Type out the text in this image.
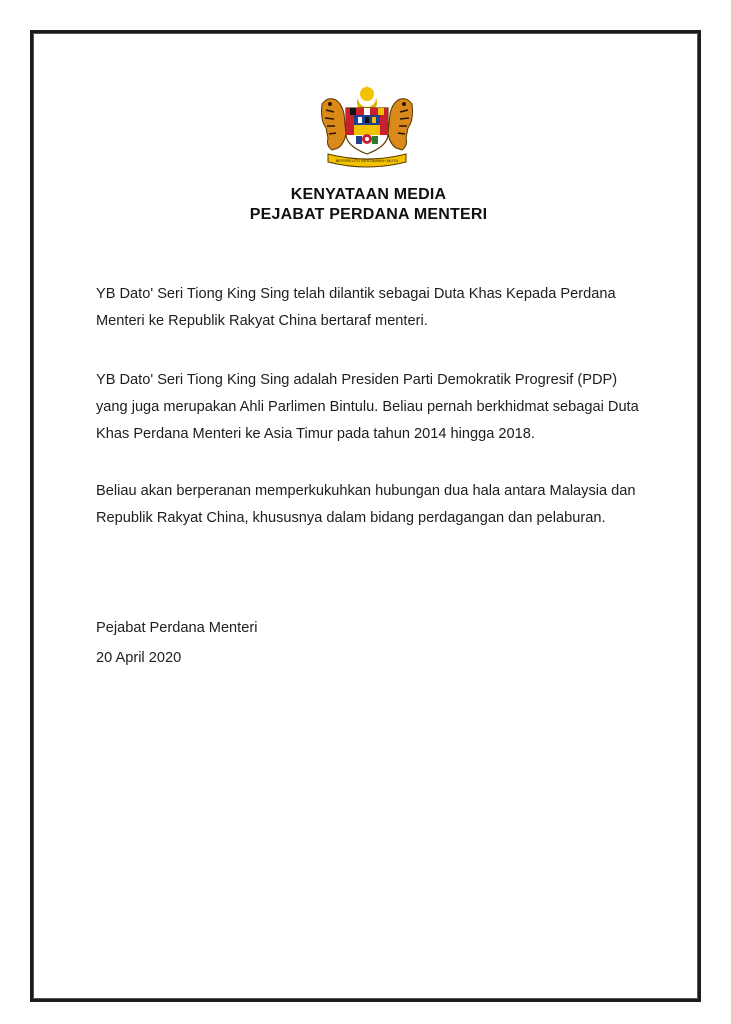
BERSEKUTU BERTAMBAH MUTU
KENYATAAN MEDIA
PEJABAT PERDANA MENTERI
YB Dato' Seri Tiong King Sing telah dilantik sebagai Duta Khas Kepada Perdana
Menteri ke Republik Rakyat China bertaraf menteri.
YB Dato' Seri Tiong King Sing adalah Presiden Parti Demokratik Progresif (PDP)
yang juga merupakan Ahli Parlimen Bintulu. Beliau pernah berkhidmat sebagai Duta
Khas Perdana Menteri ke Asia Timur pada tahun 2014 hingga 2018.
Beliau akan berperanan memperkukuhkan hubungan dua hala antara Malaysia dan
Republik Rakyat China, khususnya dalam bidang perdagangan dan pelaburan.
Pejabat Perdana Menteri
20 April 2020
